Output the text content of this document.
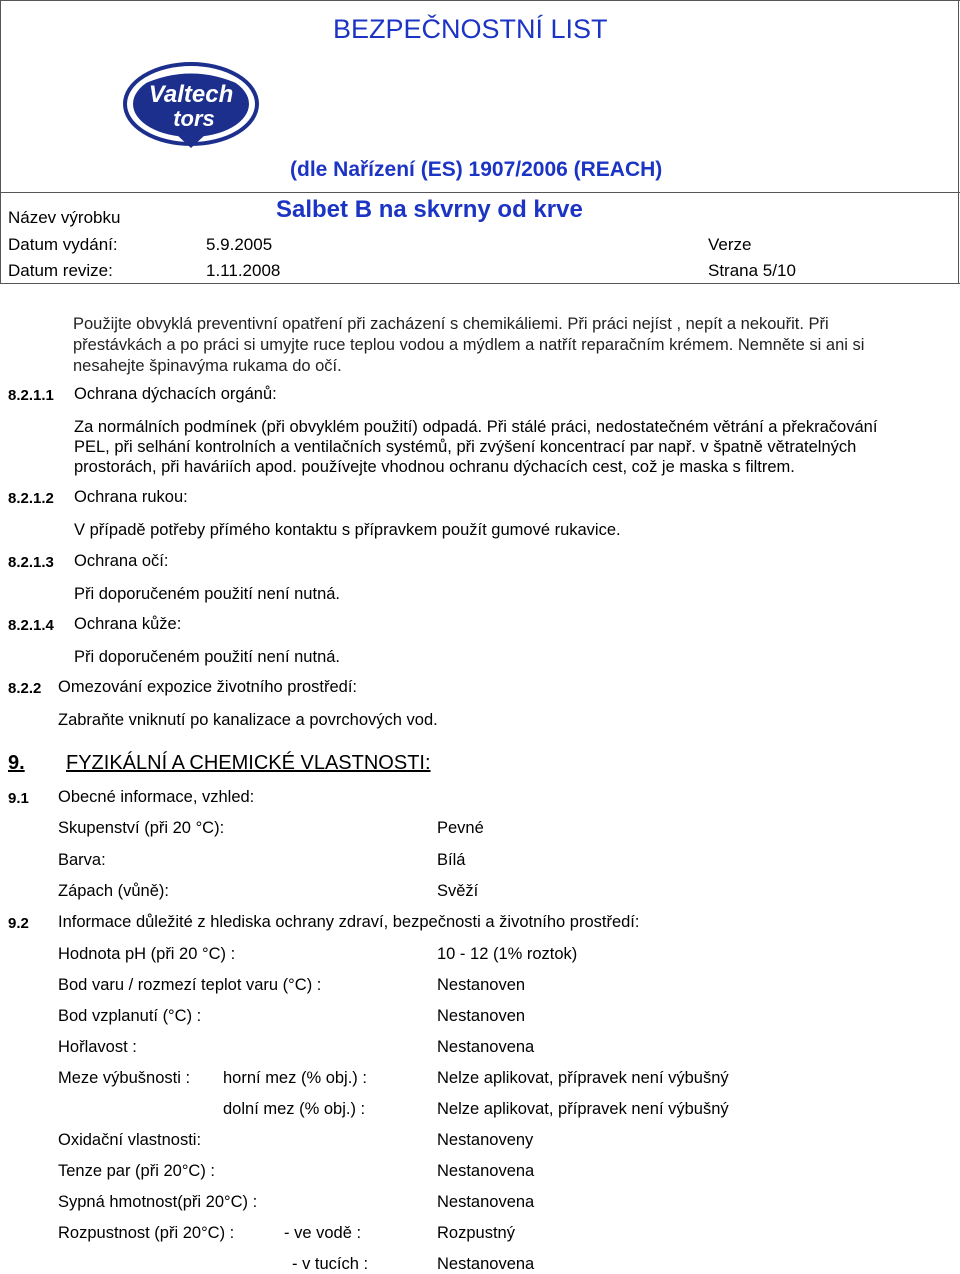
Valtech
tors
BEZPEČNOSTNÍ LIST
(dle Nařízení (ES) 1907/2006 (REACH)
Název výrobku	Salbet B na skvrny od krve
Datum vydání:	5.9.2005	Verze
Datum revize:	1.11.2008	Strana 5/10
Použijte obvyklá preventivní opatření při zacházení s chemikáliemi. Při práci nejíst , nepít a nekouřit. Při
přestávkách a po práci si umyjte ruce teplou vodou a mýdlem a natřít reparačním krémem. Nemněte si ani si
nesahejte špinavýma rukama do očí.
8.2.1.1 Ochrana dýchacích orgánů:
Za normálních podmínek (při obvyklém použití) odpadá. Při stálé práci, nedostatečném větrání a překračování
PEL, při selhání kontrolních a ventilačních systémů, při zvýšení koncentrací par např. v špatně větratelných
prostorách, při haváriích apod. používejte vhodnou ochranu dýchacích cest, což je maska s filtrem.
8.2.1.2 Ochrana rukou:
V případě potřeby přímého kontaktu s přípravkem použít gumové rukavice.
8.2.1.3 Ochrana očí:
Při doporučeném použití není nutná.
8.2.1.4 Ochrana kůže:
Při doporučeném použití není nutná.
8.2.2 Omezování expozice životního prostředí:
Zabraňte vniknutí po kanalizace a povrchových vod.
9. FYZIKÁLNÍ A CHEMICKÉ VLASTNOSTI:
9.1 Obecné informace, vzhled:
Skupenství (při 20 °C):	Pevné
Barva:	Bílá
Zápach (vůně):	Svěží
9.2 Informace důležité z hlediska ochrany zdraví, bezpečnosti a životního prostředí:
Hodnota pH (při 20 °C) :	10 - 12 (1% roztok)
Bod varu / rozmezí teplot varu (°C) :	Nestanoven
Bod vzplanutí (°C) :	Nestanoven
Hořlavost :	Nestanovena
Meze výbušnosti : horní mez (% obj.) :	Nelze aplikovat, přípravek není výbušný
dolní mez (% obj.) :	Nelze aplikovat, přípravek není výbušný
Oxidační vlastnosti:	Nestanoveny
Tenze par (při 20°C) :	Nestanovena
Sypná hmotnost(při 20°C) :	Nestanovena
Rozpustnost (při 20°C) :	- ve vodě :	Rozpustný
- v tucích :	Nestanovena
